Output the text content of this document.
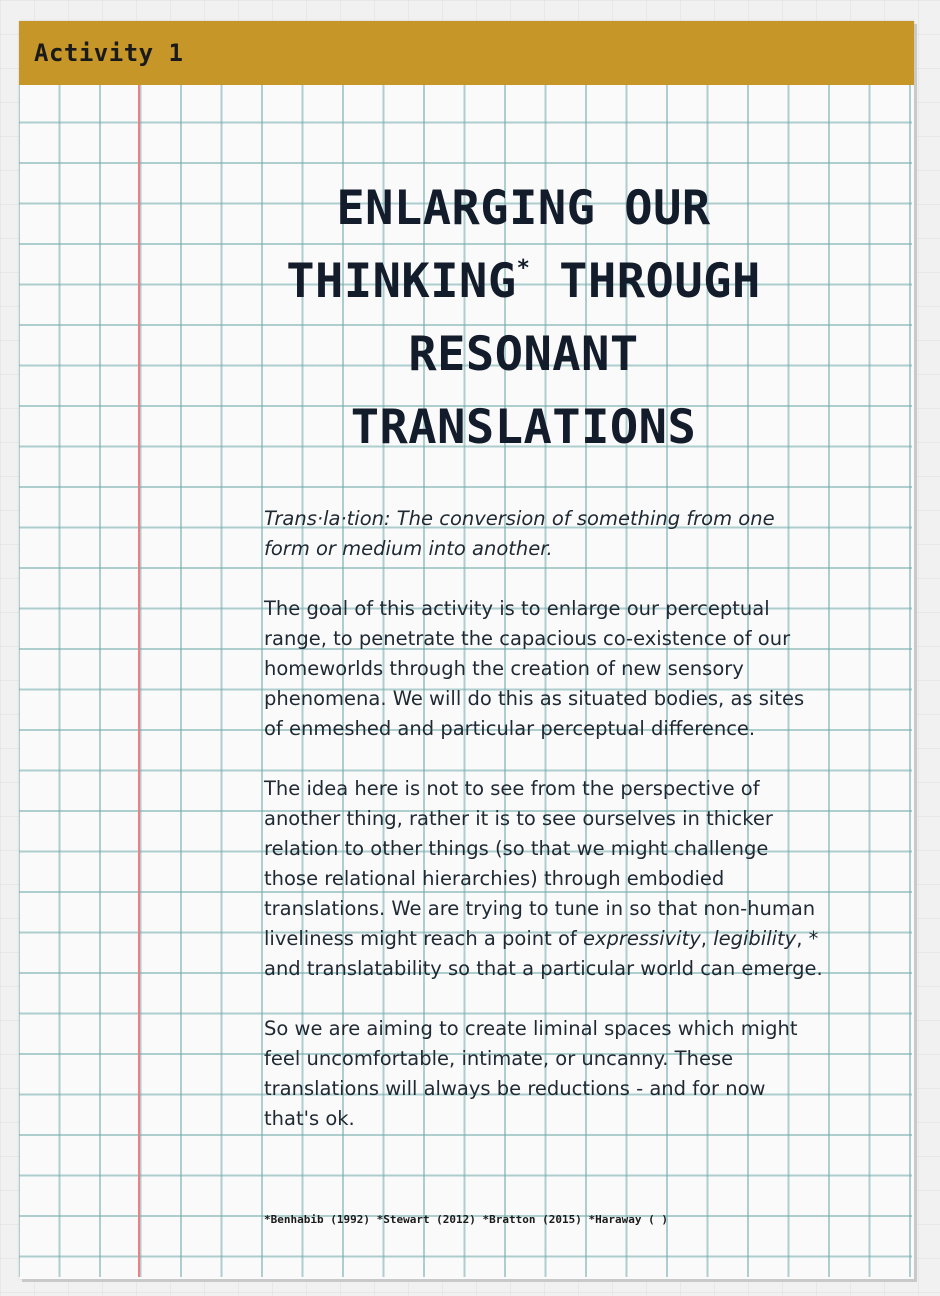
Activity 1
ENLARGING OUR
THINKING* THROUGH
RESONANT
TRANSLATIONS

Trans·la·tion: The conversion of something from one form or medium into another.

The goal of this activity is to enlarge our perceptual range, to penetrate the capacious co-existence of our homeworlds through the creation of new sensory phenomena. We will do this as situated bodies, as sites of enmeshed and particular perceptual difference.

The idea here is not to see from the perspective of another thing, rather it is to see ourselves in thicker relation to other things (so that we might challenge those relational hierarchies) through embodied translations. We are trying to tune in so that non-human liveliness might reach a point of expressivity, legibility, * and translatability so that a particular world can emerge.

So we are aiming to create liminal spaces which might feel uncomfortable, intimate, or uncanny. These translations will always be reductions - and for now that's ok.

*Benhabib (1992) *Stewart (2012) *Bratton (2015) *Haraway ( )
